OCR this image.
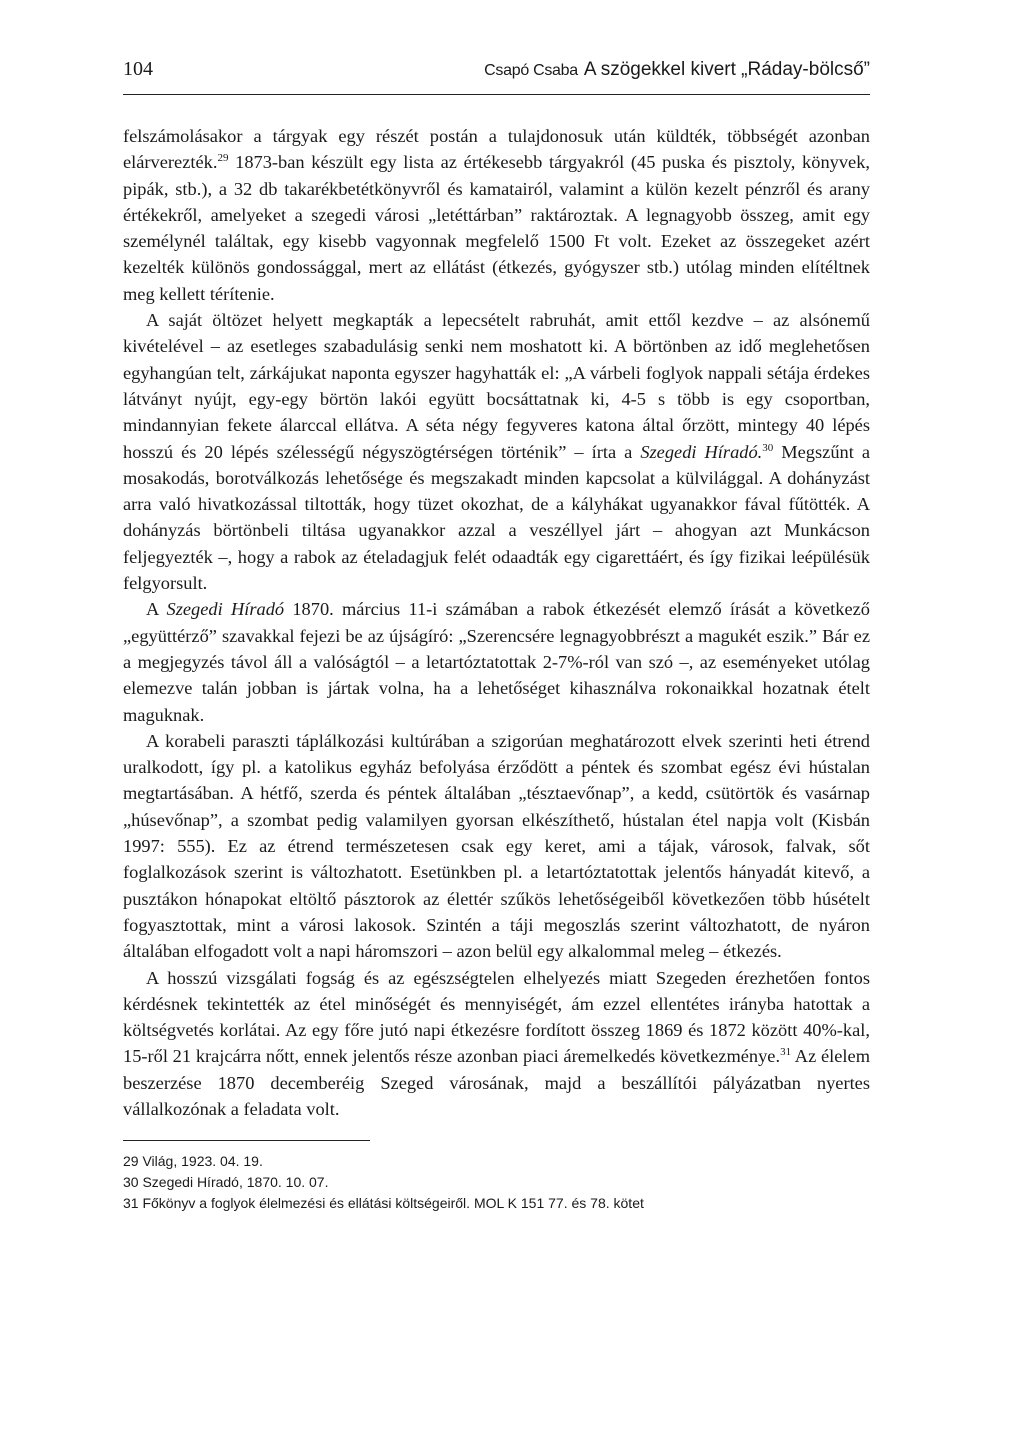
104	Csapó Csaba A szögekkel kivert „Ráday-bölcső”

felszámolásakor a tárgyak egy részét postán a tulajdonosuk után küldték, többségét azonban elárverezték.$^{29}$ 1873-ban készült egy lista az értékesebb tárgyakról (45 puska és pisztoly, könyvek, pipák, stb.), a 32 db takarékbetétkönyvről és kamatairól, valamint a külön kezelt pénzről és arany értékekről, amelyeket a szegedi városi „letéttárban” raktároztak. A legnagyobb összeg, amit egy személynél találtak, egy kisebb vagyonnak megfelelő 1500 Ft volt. Ezeket az összegeket azért kezelték különös gondossággal, mert az ellátást (étkezés, gyógyszer stb.) utólag minden elítéltnek meg kellett térítenie.

A saját öltözet helyett megkapták a lepecsételt rabruhát, amit ettől kezdve – az alsónemű kivételével – az esetleges szabadulásig senki nem moshatott ki. A börtönben az idő meglehetősen egyhangúan telt, zárkájukat naponta egyszer hagyhatták el: „A várbeli foglyok nappali sétája érdekes látványt nyújt, egy-egy börtön lakói együtt bocsáttatnak ki, 4-5 s több is egy csoportban, mindannyian fekete álarccal ellátva. A séta négy fegyveres katona által őrzött, mintegy 40 lépés hosszú és 20 lépés szélességű négyszögtérségen történik” – írta a Szegedi Híradó.$^{30}$ Megszűnt a mosakodás, borotválkozás lehetősége és megszakadt minden kapcsolat a külvilággal. A dohányzást arra való hivatkozással tiltották, hogy tüzet okozhat, de a kályhákat ugyanakkor fával fűtötték. A dohányzás börtönbeli tiltása ugyanakkor azzal a veszéllyel járt – ahogyan azt Munkácson feljegyezték –, hogy a rabok az ételadagjuk felét odaadták egy cigarettáért, és így fizikai leépülésük felgyorsult.

A Szegedi Híradó 1870. március 11-i számában a rabok étkezését elemző írását a következő „együttérző” szavakkal fejezi be az újságíró: „Szerencsére legnagyobbrészt a magukét eszik.” Bár ez a megjegyzés távol áll a valóságtól – a letartóztatottak 2-7%-ról van szó –, az eseményeket utólag elemezve talán jobban is jártak volna, ha a lehetőséget kihasználva rokonaikkal hozatnak ételt maguknak.

A korabeli paraszti táplálkozási kultúrában a szigorúan meghatározott elvek szerinti heti étrend uralkodott, így pl. a katolikus egyház befolyása érződött a péntek és szombat egész évi hústalan megtartásában. A hétfő, szerda és péntek általában „tésztaevőnap”, a kedd, csütörtök és vasárnap „húsevőnap”, a szombat pedig valamilyen gyorsan elkészíthető, hústalan étel napja volt (Kisbán 1997: 555). Ez az étrend természetesen csak egy keret, ami a tájak, városok, falvak, sőt foglalkozások szerint is változhatott. Esetünkben pl. a letartóztatottak jelentős hányadát kitevő, a pusztákon hónapokat eltöltő pásztorok az élettér szűkös lehetőségeiből következően több húsételt fogyasztottak, mint a városi lakosok. Szintén a táji megoszlás szerint változhatott, de nyáron általában elfogadott volt a napi háromszori – azon belül egy alkalommal meleg – étkezés.

A hosszú vizsgálati fogság és az egészségtelen elhelyezés miatt Szegeden érezhetően fontos kérdésnek tekintették az étel minőségét és mennyiségét, ám ezzel ellentétes irányba hatottak a költségvetés korlátai. Az egy főre jutó napi étkezésre fordított összeg 1869 és 1872 között 40%-kal, 15-ről 21 krajcárra nőtt, ennek jelentős része azonban piaci áremelkedés következménye.$^{31}$ Az élelem beszerzése 1870 decemberéig Szeged városának, majd a beszállítói pályázatban nyertes vállalkozónak a feladata volt.

29 Világ, 1923. 04. 19.

30 Szegedi Híradó, 1870. 10. 07.

31 Főkönyv a foglyok élelmezési és ellátási költségeiről. MOL K 151 77. és 78. kötet
